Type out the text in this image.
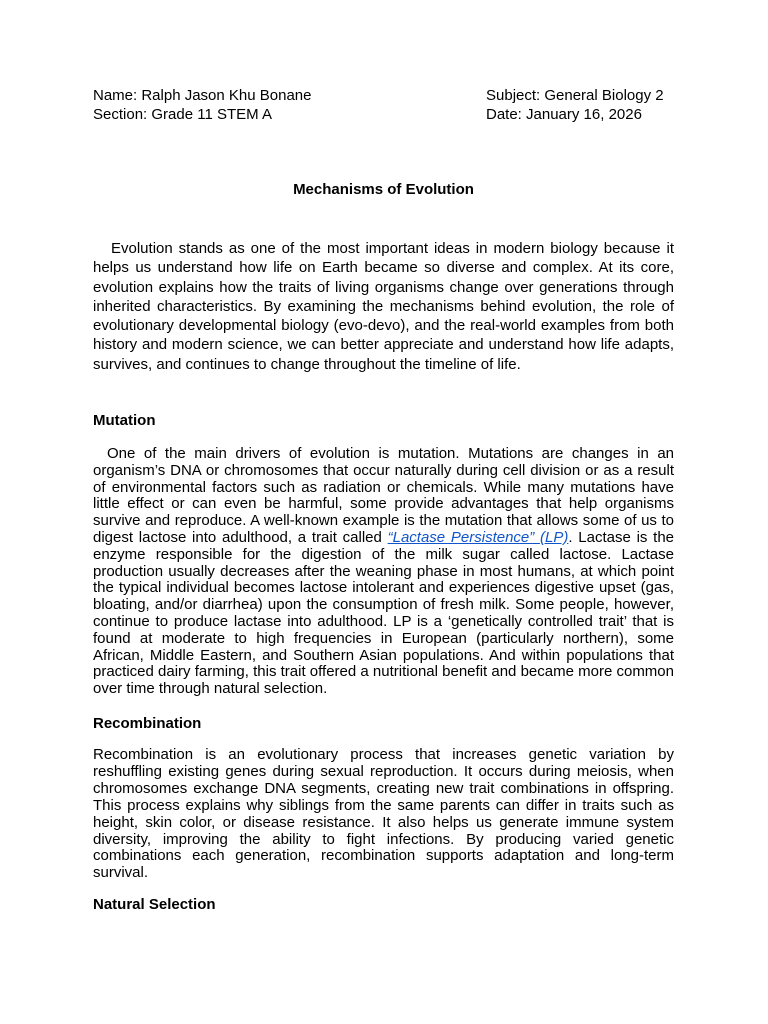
Name: Ralph Jason Khu Bonane
Section: Grade 11 STEM A
Subject: General Biology 2
Date: January 16, 2026
Mechanisms of Evolution

Evolution stands as one of the most important ideas in modern biology because it helps us understand how life on Earth became so diverse and complex. At its core, evolution explains how the traits of living organisms change over generations through inherited characteristics. By examining the mechanisms behind evolution, the role of evolutionary developmental biology (evo-devo), and the real-world examples from both history and modern science, we can better appreciate and understand how life adapts, survives, and continues to change throughout the timeline of life.

Mutation

One of the main drivers of evolution is mutation. Mutations are changes in an organism’s DNA or chromosomes that occur naturally during cell division or as a result of environmental factors such as radiation or chemicals. While many mutations have little effect or can even be harmful, some provide advantages that help organisms survive and reproduce. A well-known example is the mutation that allows some of us to digest lactose into adulthood, a trait called “Lactase Persistence” (LP). Lactase is the enzyme responsible for the digestion of the milk sugar called lactose. Lactase production usually decreases after the weaning phase in most humans, at which point the typical individual becomes lactose intolerant and experiences digestive upset (gas, bloating, and/or diarrhea) upon the consumption of fresh milk. Some people, however, continue to produce lactase into adulthood. LP is a ‘genetically controlled trait’ that is found at moderate to high frequencies in European (particularly northern), some African, Middle Eastern, and Southern Asian populations. And within populations that practiced dairy farming, this trait offered a nutritional benefit and became more common over time through natural selection.

Recombination

Recombination is an evolutionary process that increases genetic variation by reshuffling existing genes during sexual reproduction. It occurs during meiosis, when chromosomes exchange DNA segments, creating new trait combinations in offspring. This process explains why siblings from the same parents can differ in traits such as height, skin color, or disease resistance. It also helps us generate immune system diversity, improving the ability to fight infections. By producing varied genetic combinations each generation, recombination supports adaptation and long-term survival.

Natural Selection
